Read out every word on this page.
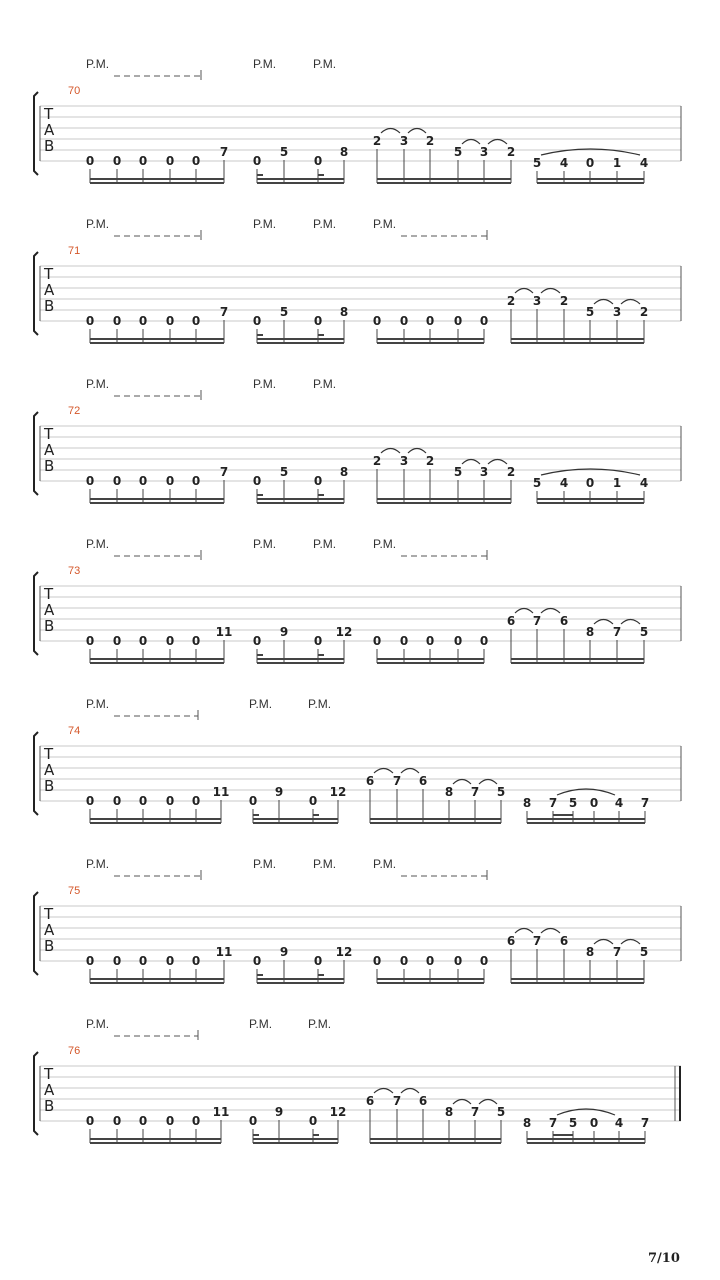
P.M.	P.M.	P.M.
70
T
A
B
0 0 0 0 0
7
0
5
0
8
2 3 2
5 3 2
5 4 0 1 4
P.M.	P.M.	P.M.	P.M.
71
T
A
B
0 0 0 0 0
7
0
5
0
8
0 0 0 0 0
2 3 2
5 3 2
P.M.	P.M.	P.M.
72
T
A
B
0 0 0 0 0
7
0
5
0
8
2 3 2
5 3 2
5 4 0 1 4
P.M.	P.M.	P.M.	P.M.
73
T
A
B
0 0 0 0 0
11
0
9
0
12
0 0 0 0 0
6 7 6
8 7 5
P.M.	P.M.	P.M.
74
T
A
B
0 0 0 0 0
11
0
9
0
12
6 7 6
8 7 5
8 7 5 0 4 7
P.M.	P.M.	P.M.	P.M.
75
T
A
B
0 0 0 0 0
11
0
9
0
12
0 0 0 0 0
6 7 6
8 7 5
P.M.	P.M.	P.M.
76
T
A
B
0 0 0 0 0
11
0
9
0
12
6 7 6
8 7 5
8 7 5 0 4 7
7/10
